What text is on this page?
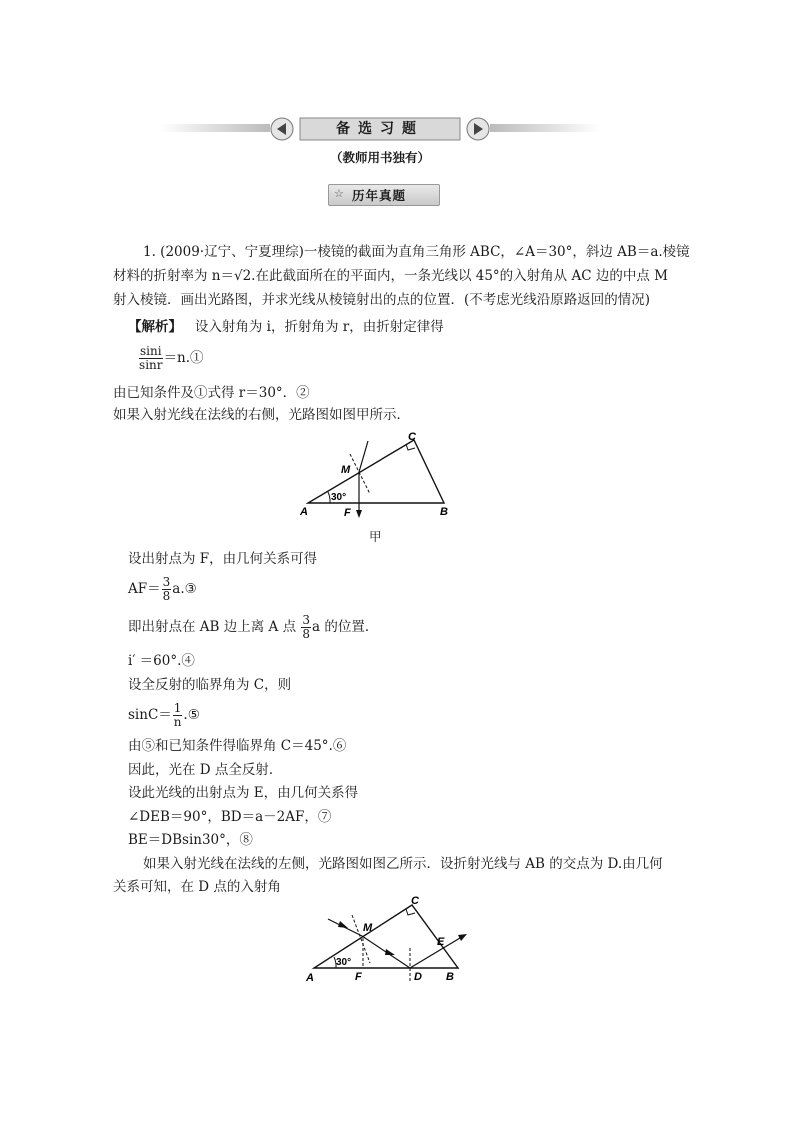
备选习题
（教师用书独有）
☆ 历年真题
1. (2009·辽宁、宁夏理综)一棱镜的截面为直角三角形 ABC，∠A＝30°，斜边 AB＝a.棱镜
材料的折射率为 n＝√2.在此截面所在的平面内，一条光线以 45°的入射角从 AC 边的中点 M
射入棱镜．画出光路图，并求光线从棱镜射出的点的位置．(不考虑光线沿原路返回的情况)
【解析】 设入射角为 i，折射角为 r，由折射定律得
$\frac{\sin i}{\sin r}$ ＝n.①
由已知条件及①式得 r＝30°．②
如果入射光线在法线的右侧，光路图如图甲所示．
M
C
A	B
F
30°
甲
设出射点为 F，由几何关系可得
$AF= \frac{3}{8}$ a.③
即出射点在 AB 边上离 A 点 $\frac{3}{8}$ a 的位置．
i′ ＝60°.④
设全反射的临界角为 C，则
$\sin C= \frac{1}{n}$ .⑤
由⑤和已知条件得临界角 C＝45°.⑥
因此，光在 D 点全反射．
设此光线的出射点为 E，由几何关系得
∠DEB＝90°，BD＝a－2AF，⑦
BE＝DBsin30°，⑧
如果入射光线在法线的左侧，光路图如图乙所示．设折射光线与 AB 的交点为 D.由几何
关系可知，在 D 点的入射角
M
C
A	B
F	D
E
30°
